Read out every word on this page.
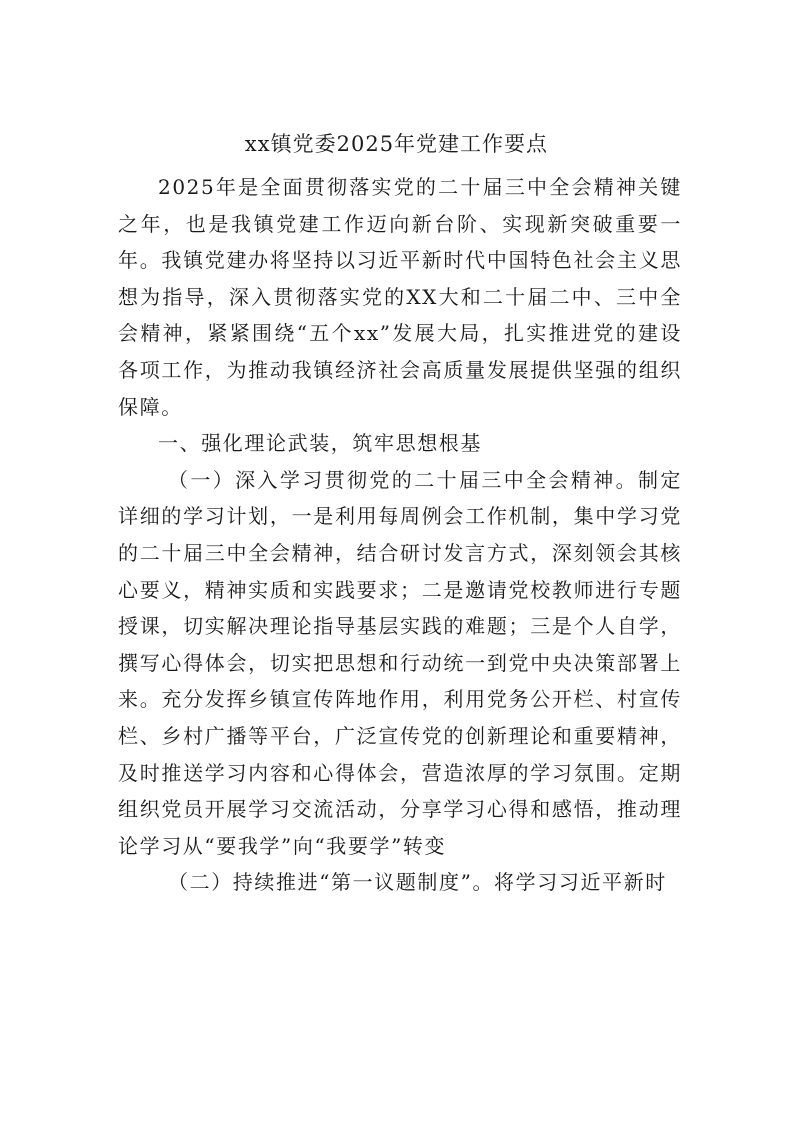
xx镇党委2025年党建工作要点

2025年是全面贯彻落实党的二十届三中全会精神关键之年，也是我镇党建工作迈向新台阶、实现新突破重要一年。我镇党建办将坚持以习近平新时代中国特色社会主义思想为指导，深入贯彻落实党的XX大和二十届二中、三中全会精神，紧紧围绕“五个xx”发展大局，扎实推进党的建设各项工作，为推动我镇经济社会高质量发展提供坚强的组织保障。

一、强化理论武装，筑牢思想根基

（一）深入学习贯彻党的二十届三中全会精神。制定详细的学习计划，一是利用每周例会工作机制，集中学习党的二十届三中全会精神，结合研讨发言方式，深刻领会其核心要义，精神实质和实践要求；二是邀请党校教师进行专题授课，切实解决理论指导基层实践的难题；三是个人自学，撰写心得体会，切实把思想和行动统一到党中央决策部署上来。充分发挥乡镇宣传阵地作用，利用党务公开栏、村宣传栏、乡村广播等平台，广泛宣传党的创新理论和重要精神，及时推送学习内容和心得体会，营造浓厚的学习氛围。定期组织党员开展学习交流活动，分享学习心得和感悟，推动理论学习从“要我学”向“我要学”转变

（二）持续推进“第一议题制度”。将学习习近平新时
